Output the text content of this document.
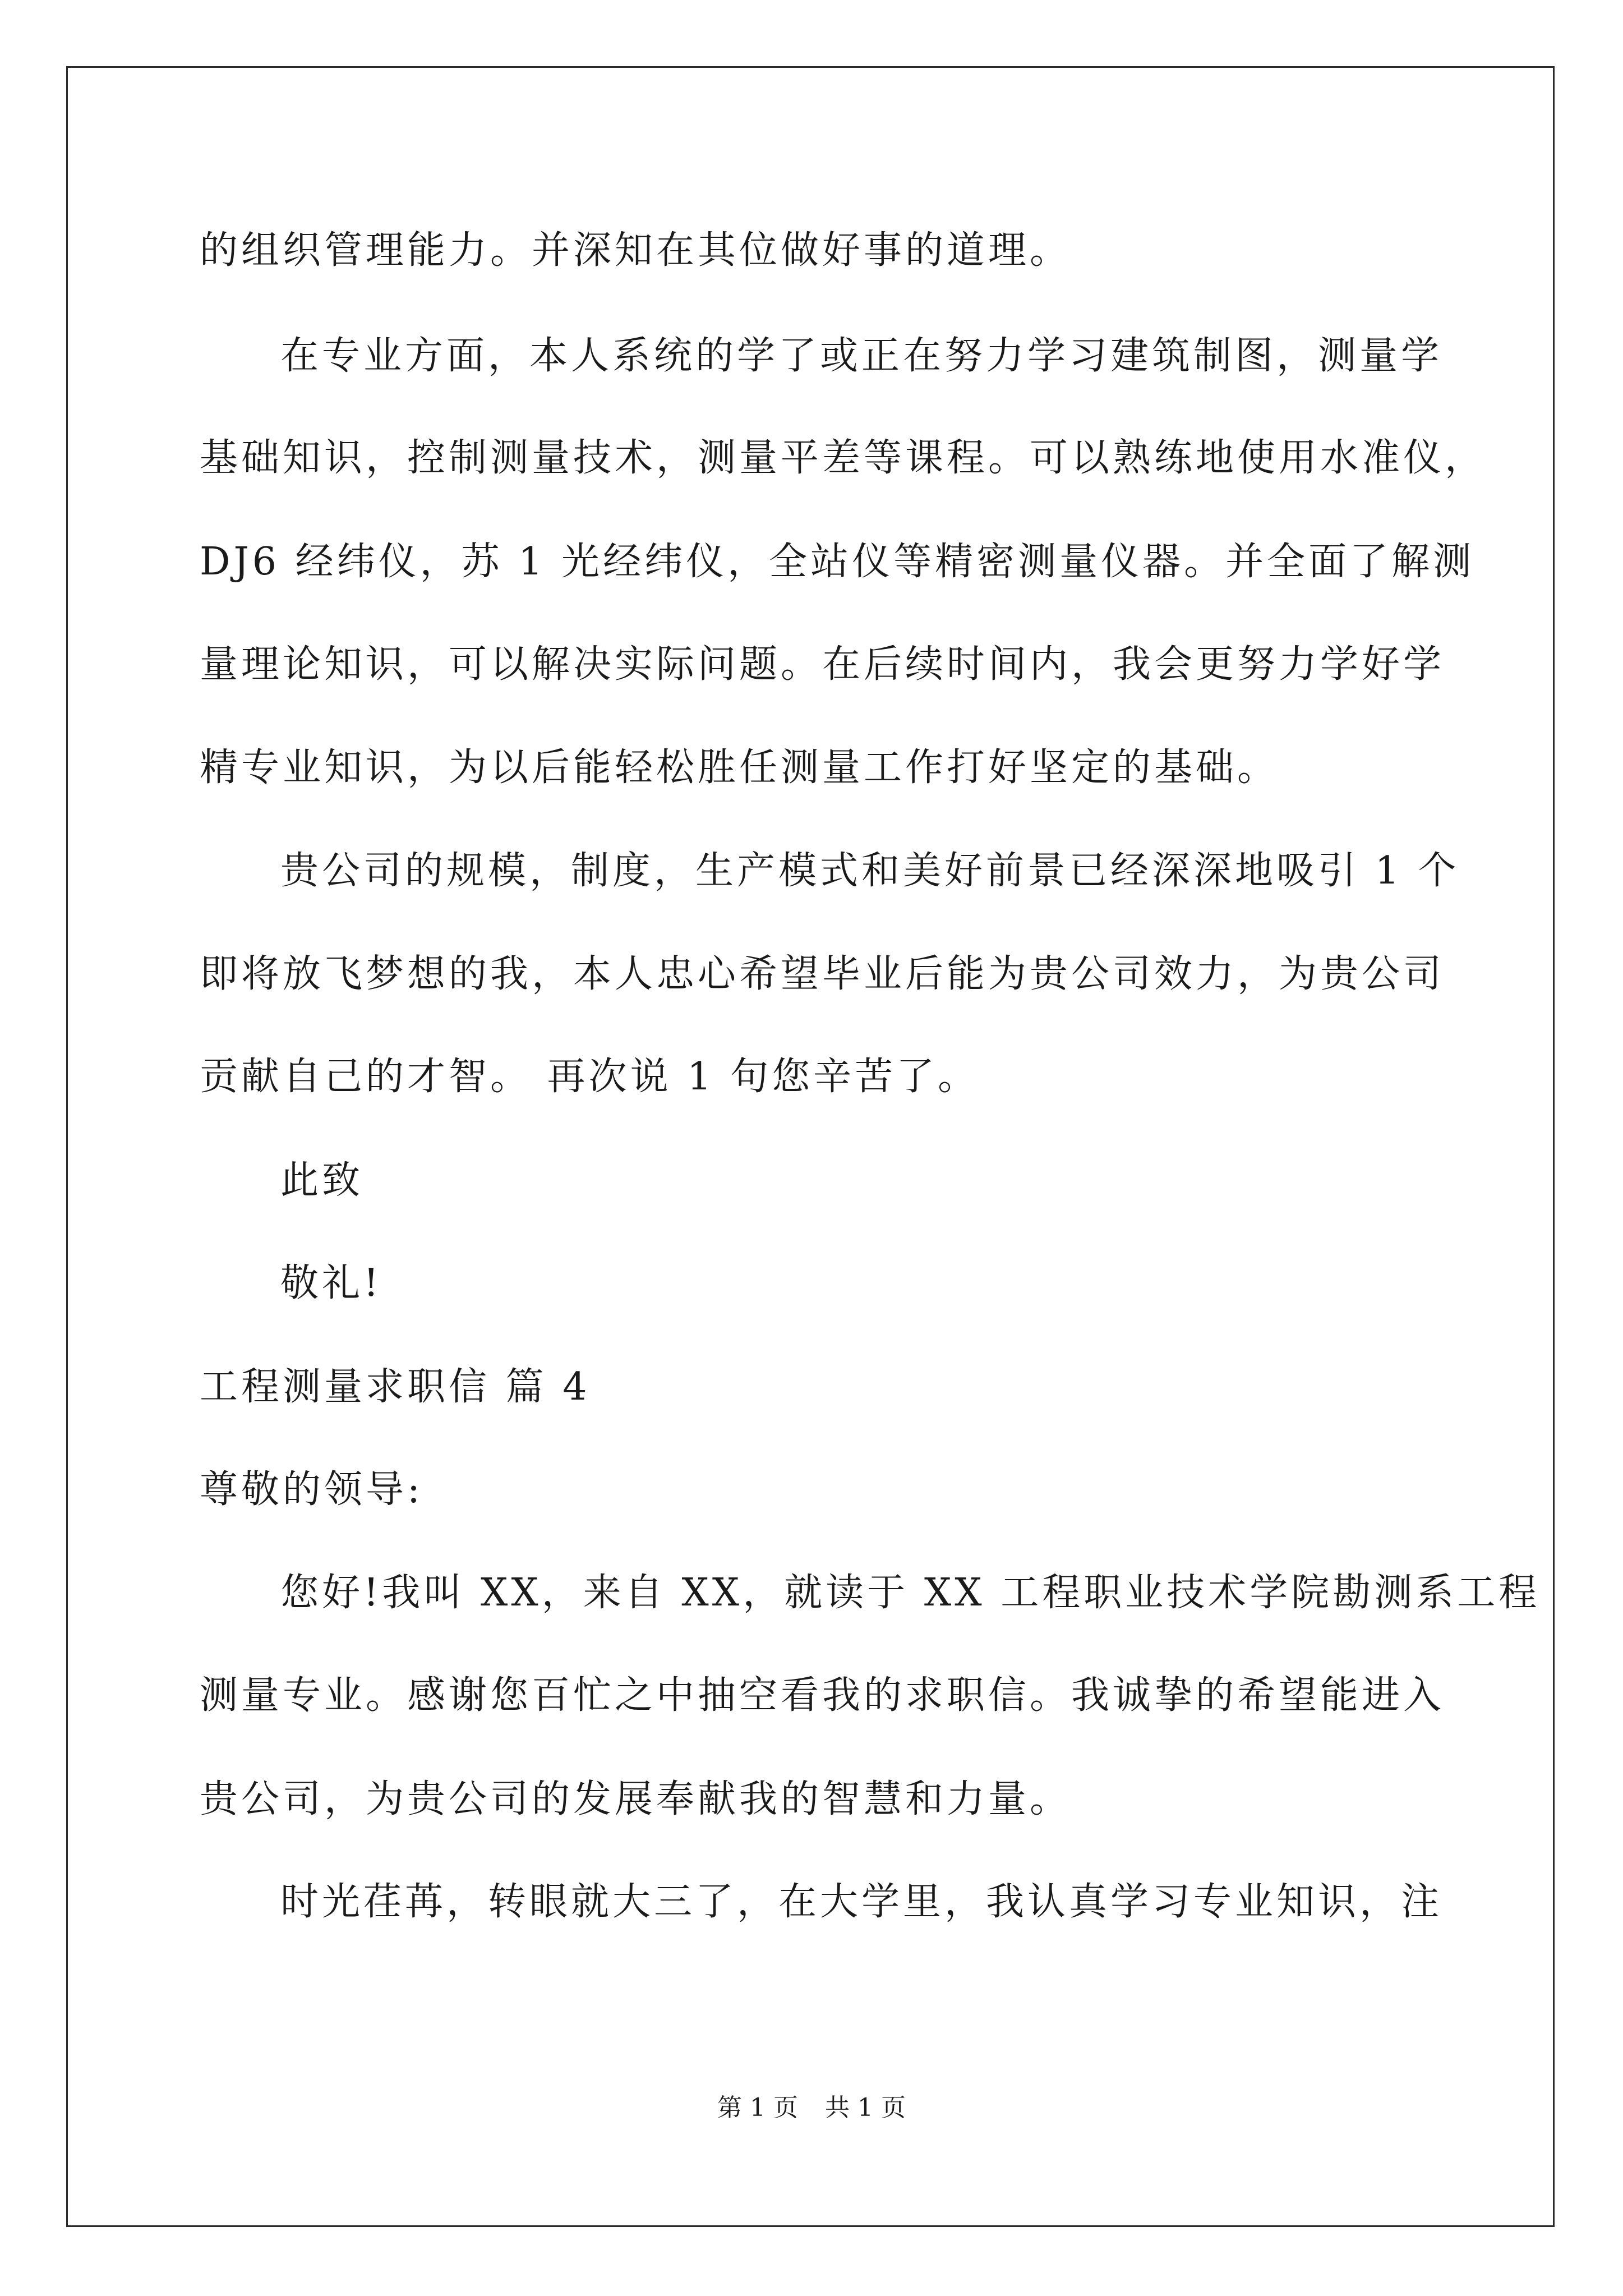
的组织管理能力。并深知在其位做好事的道理。
在专业方面，本人系统的学了或正在努力学习建筑制图，测量学
基础知识，控制测量技术，测量平差等课程。可以熟练地使用水准仪，
DJ6 经纬仪，苏 1 光经纬仪，全站仪等精密测量仪器。并全面了解测
量理论知识，可以解决实际问题。在后续时间内，我会更努力学好学
精专业知识，为以后能轻松胜任测量工作打好坚定的基础。
贵公司的规模，制度，生产模式和美好前景已经深深地吸引 1 个
即将放飞梦想的我，本人忠心希望毕业后能为贵公司效力，为贵公司
贡献自己的才智。 再次说 1 句您辛苦了。
此致
敬礼!
工程测量求职信 篇 4
尊敬的领导:
您好!我叫 XX，来自 XX，就读于 XX 工程职业技术学院勘测系工程
测量专业。感谢您百忙之中抽空看我的求职信。我诚挚的希望能进入
贵公司，为贵公司的发展奉献我的智慧和力量。
时光荏苒，转眼就大三了，在大学里，我认真学习专业知识，注
第 1 页 共 1 页
